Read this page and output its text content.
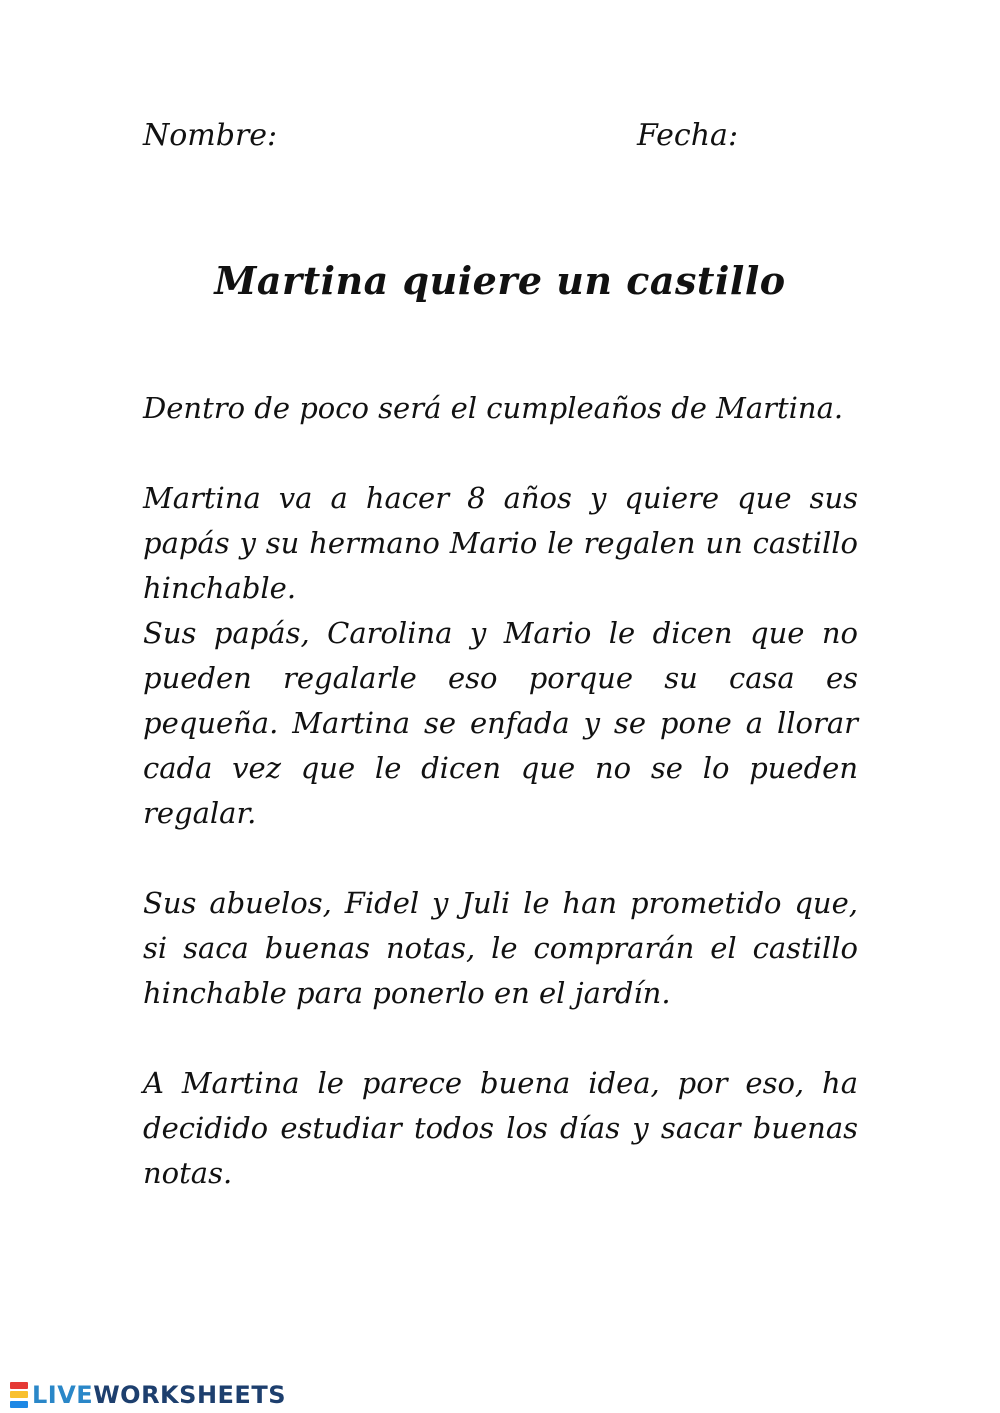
Nombre:	Fecha:
Martina quiere un castillo

Dentro de poco será el cumpleaños de Martina.

Martina va a hacer 8 años y quiere que sus papás y su hermano Mario le regalen un castillo hinchable.

Sus papás, Carolina y Mario le dicen que no pueden regalarle eso porque su casa es pequeña. Martina se enfada y se pone a llorar cada vez que le dicen que no se lo pueden regalar.

Sus abuelos, Fidel y Juli le han prometido que, si saca buenas notas, le comprarán el castillo hinchable para ponerlo en el jardín.

A Martina le parece buena idea, por eso, ha decidido estudiar todos los días y sacar buenas notas.

LIVEWORKSHEETS
